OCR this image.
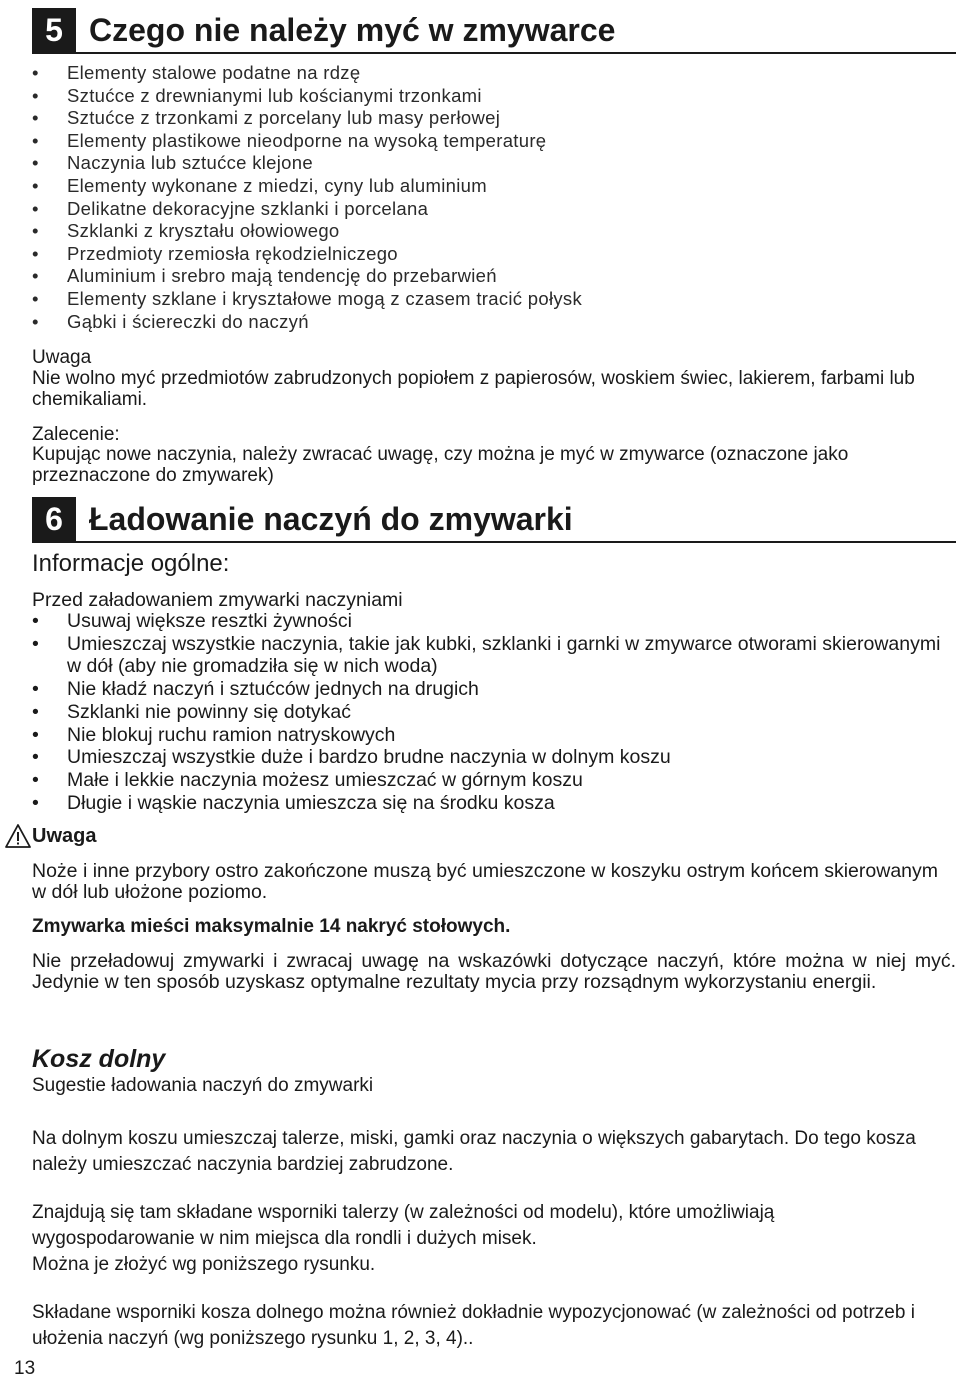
5 Czego nie należy myć w zmywarce
• Elementy stalowe podatne na rdzę
• Sztućce z drewnianymi lub kościanymi trzonkami
• Sztućce z trzonkami z porcelany lub masy perłowej
• Elementy plastikowe nieodporne na wysoką temperaturę
• Naczynia lub sztućce klejone
• Elementy wykonane z miedzi, cyny lub aluminium
• Delikatne dekoracyjne szklanki i porcelana
• Szklanki z kryształu ołowiowego
• Przedmioty rzemiosła rękodzielniczego
• Aluminium i srebro mają tendencję do przebarwień
• Elementy szklane i kryształowe mogą z czasem tracić połysk
• Gąbki i ściereczki do naczyń

Uwaga

Nie wolno myć przedmiotów zabrudzonych popiołem z papierosów, woskiem świec, lakierem, farbami lub chemikaliami.

Zalecenie:

Kupując nowe naczynia, należy zwracać uwagę, czy można je myć w zmywarce (oznaczone jako przeznaczone do zmywarek)

6 Ładowanie naczyń do zmywarki
Informacje ogólne:

Przed załadowaniem zmywarki naczyniami

• Usuwaj większe resztki żywności
• Umieszczaj wszystkie naczynia, takie jak kubki, szklanki i garnki w zmywarce otworami skierowanymi w dół (aby nie gromadziła się w nich woda)
• Nie kładź naczyń i sztućców jednych na drugich
• Szklanki nie powinny się dotykać
• Nie blokuj ruchu ramion natryskowych
• Umieszczaj wszystkie duże i bardzo brudne naczynia w dolnym koszu
• Małe i lekkie naczynia możesz umieszczać w górnym koszu
• Długie i wąskie naczynia umieszcza się na środku kosza
Uwaga

Noże i inne przybory ostro zakończone muszą być umieszczone w koszyku ostrym końcem skierowanym w dół lub ułożone poziomo.

Zmywarka mieści maksymalnie 14 nakryć stołowych.

Nie przeładowuj zmywarki i zwracaj uwagę na wskazówki dotyczące naczyń, które można w niej myć. Jedynie w ten sposób uzyskasz optymalne rezultaty mycia przy rozsądnym wykorzystaniu energii.

Kosz dolny

Sugestie ładowania naczyń do zmywarki

Na dolnym koszu umieszczaj talerze, miski, gamki oraz naczynia o większych gabarytach. Do tego kosza należy umieszczać naczynia bardziej zabrudzone.

Znajdują się tam składane wsporniki talerzy (w zależności od modelu), które umożliwiają wygospodarowanie w nim miejsca dla rondli i dużych misek.

Można je złożyć wg poniższego rysunku.

Składane wsporniki kosza dolnego można również dokładnie wypozycjonować (w zależności od potrzeb i ułożenia naczyń (wg poniższego rysunku 1, 2, 3, 4)..

13
